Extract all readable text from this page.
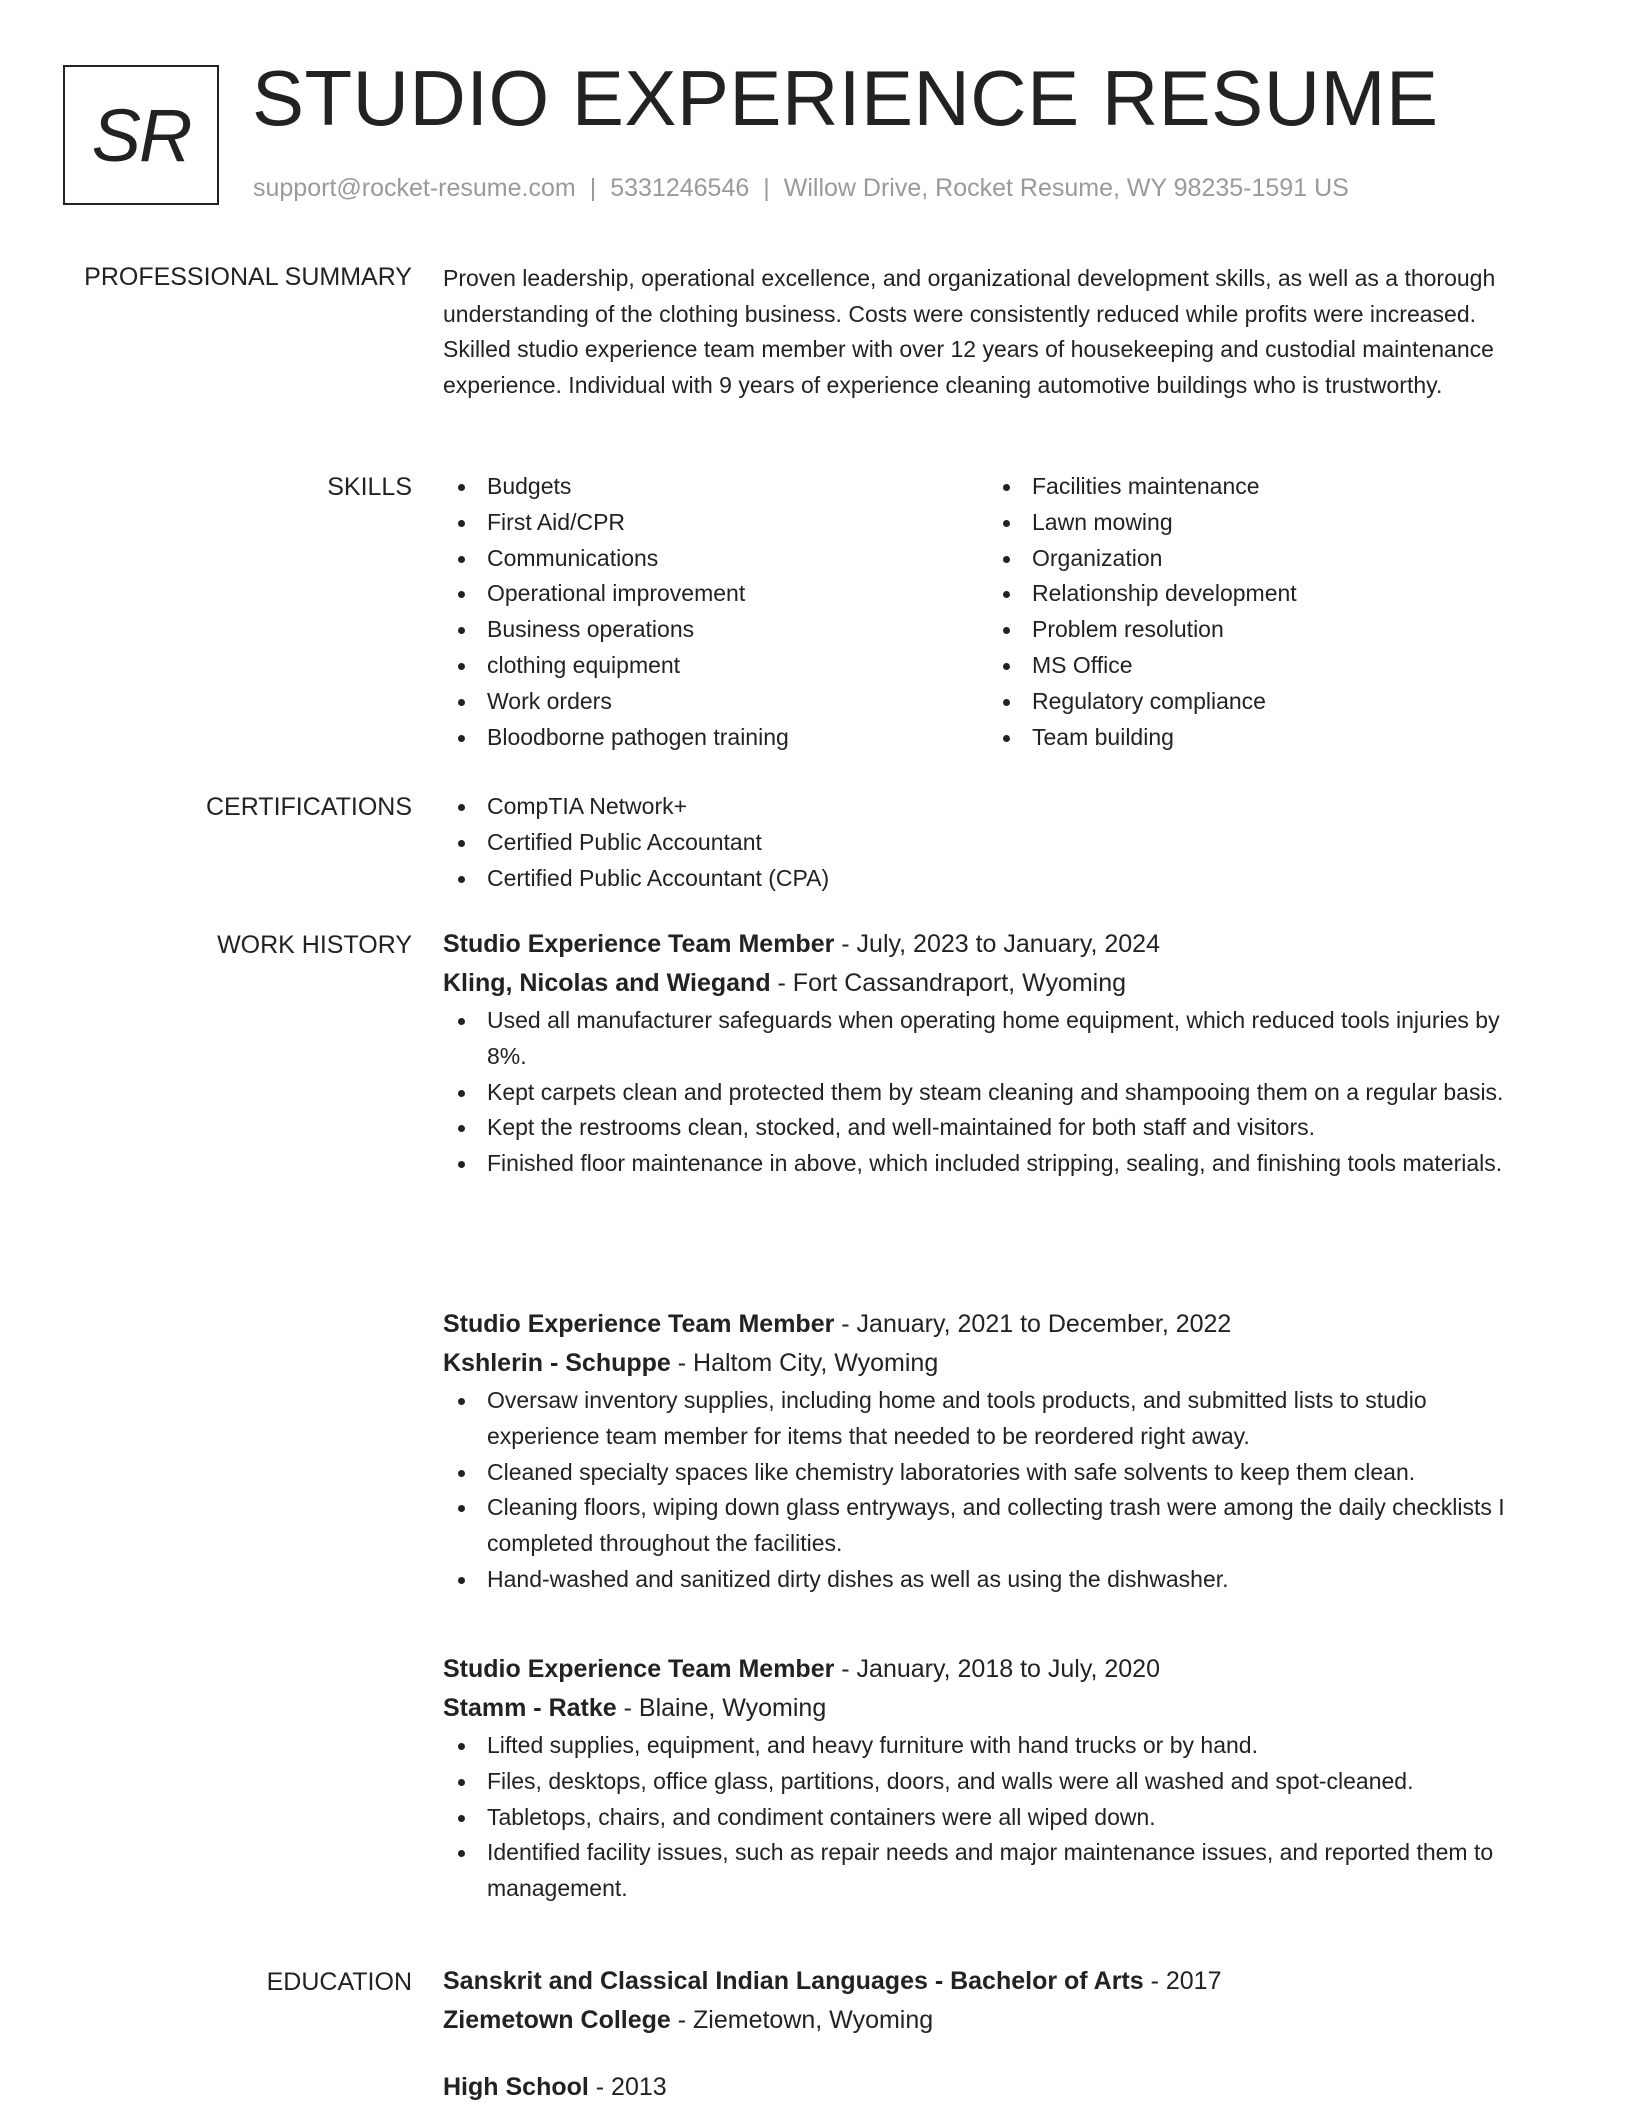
SR STUDIO EXPERIENCE RESUME
support@rocket-resume.com | 5331246546 | Willow Drive, Rocket Resume, WY 98235-1591 US
PROFESSIONAL SUMMARY Proven leadership, operational excellence, and organizational development skills, as well as a thorough understanding of the clothing business. Costs were consistently reduced while profits were increased. Skilled studio experience team member with over 12 years of housekeeping and custodial maintenance experience. Individual with 9 years of experience cleaning automotive buildings who is trustworthy.

SKILLS	Budgets
First Aid/CPR
Communications
Operational improvement
Business operations
clothing equipment
Work orders
Bloodborne pathogen training
Facilities maintenance
Lawn mowing
Organization
Relationship development
Problem resolution
MS Office
Regulatory compliance
Team building
CERTIFICATIONS	CompTIA Network+
Certified Public Accountant
Certified Public Accountant (CPA)
WORK HISTORY Studio Experience Team Member - July, 2023 to January, 2024
Kling, Nicolas and Wiegand - Fort Cassandraport, Wyoming
Used all manufacturer safeguards when operating home equipment, which reduced tools injuries by 8%.
Kept carpets clean and protected them by steam cleaning and shampooing them on a regular basis.
Kept the restrooms clean, stocked, and well-maintained for both staff and visitors.
Finished floor maintenance in above, which included stripping, sealing, and finishing tools materials.
Studio Experience Team Member - January, 2021 to December, 2022
Kshlerin - Schuppe - Haltom City, Wyoming
Oversaw inventory supplies, including home and tools products, and submitted lists to studio experience team member for items that needed to be reordered right away.
Cleaned specialty spaces like chemistry laboratories with safe solvents to keep them clean.
Cleaning floors, wiping down glass entryways, and collecting trash were among the daily checklists I completed throughout the facilities.
Hand-washed and sanitized dirty dishes as well as using the dishwasher.
Studio Experience Team Member - January, 2018 to July, 2020
Stamm - Ratke - Blaine, Wyoming
Lifted supplies, equipment, and heavy furniture with hand trucks or by hand.
Files, desktops, office glass, partitions, doors, and walls were all washed and spot-cleaned.
Tabletops, chairs, and condiment containers were all wiped down.
Identified facility issues, such as repair needs and major maintenance issues, and reported them to management.
EDUCATION Sanskrit and Classical Indian Languages - Bachelor of Arts - 2017
Ziemetown College - Ziemetown, Wyoming
High School - 2013
